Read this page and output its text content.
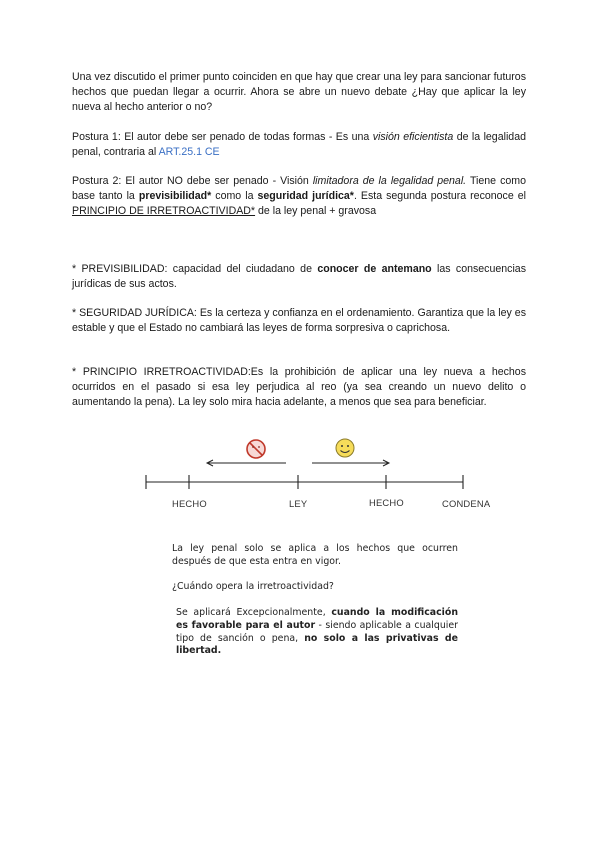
Una vez discutido el primer punto coinciden en que hay que crear una ley para sancionar futuros hechos que puedan llegar a ocurrir. Ahora se abre un nuevo debate ¿Hay que aplicar la ley nueva al hecho anterior o no?

Postura 1: El autor debe ser penado de todas formas - Es una visión eficientista de la legalidad penal, contraria al ART.25.1 CE

Postura 2: El autor NO debe ser penado - Visión limitadora de la legalidad penal. Tiene como base tanto la previsibilidad* como la seguridad jurídica*. Esta segunda postura reconoce el PRINCIPIO DE IRRETROACTIVIDAD* de la ley penal + gravosa

* PREVISIBILIDAD: capacidad del ciudadano de conocer de antemano las consecuencias jurídicas de sus actos.

* SEGURIDAD JURÍDICA: Es la certeza y confianza en el ordenamiento. Garantiza que la ley es estable y que el Estado no cambiará las leyes de forma sorpresiva o caprichosa.

* PRINCIPIO IRRETROACTIVIDAD:Es la prohibición de aplicar una ley nueva a hechos ocurridos en el pasado si esa ley perjudica al reo (ya sea creando un nuevo delito o aumentando la pena). La ley solo mira hacia adelante, a menos que sea para beneficiar.

HECHO	LEY	HECHO	CONDENA

La ley penal solo se aplica a los hechos que ocurren después de que esta entra en vigor.

¿Cuándo opera la irretroactividad?

Se aplicará Excepcionalmente, cuando la modificación es favorable para el autor - siendo aplicable a cualquier tipo de sanción o pena, no solo a las privativas de libertad.
